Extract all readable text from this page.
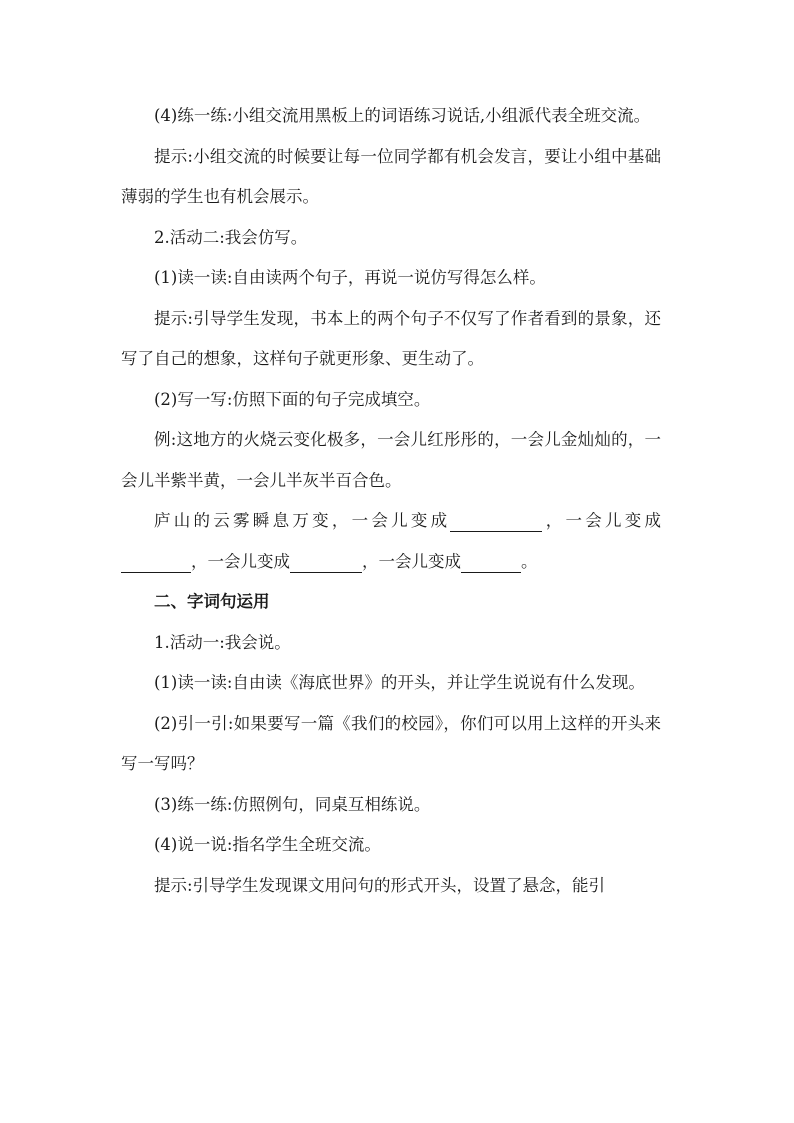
(4)练一练:小组交流用黑板上的词语练习说话,小组派代表全班交流。

提示:小组交流的时候要让每一位同学都有机会发言，要让小组中基础薄弱的学生也有机会展示。

2.活动二:我会仿写。

(1)读一读:自由读两个句子，再说一说仿写得怎么样。

提示:引导学生发现，书本上的两个句子不仅写了作者看到的景象，还写了自己的想象，这样句子就更形象、更生动了。

(2)写一写:仿照下面的句子完成填空。

例:这地方的火烧云变化极多，一会儿红彤彤的，一会儿金灿灿的，一会儿半紫半黄，一会儿半灰半百合色。

庐山的云雾瞬息万变，一会儿变成	，一会儿变成，一会儿变成	，一会儿变成	。

二、字词句运用

1.活动一:我会说。

(1)读一读:自由读《海底世界》的开头，并让学生说说有什么发现。

(2)引一引:如果要写一篇《我们的校园》，你们可以用上这样的开头来写一写吗？

(3)练一练:仿照例句，同桌互相练说。

(4)说一说:指名学生全班交流。

提示:引导学生发现课文用问句的形式开头，设置了悬念，能引
